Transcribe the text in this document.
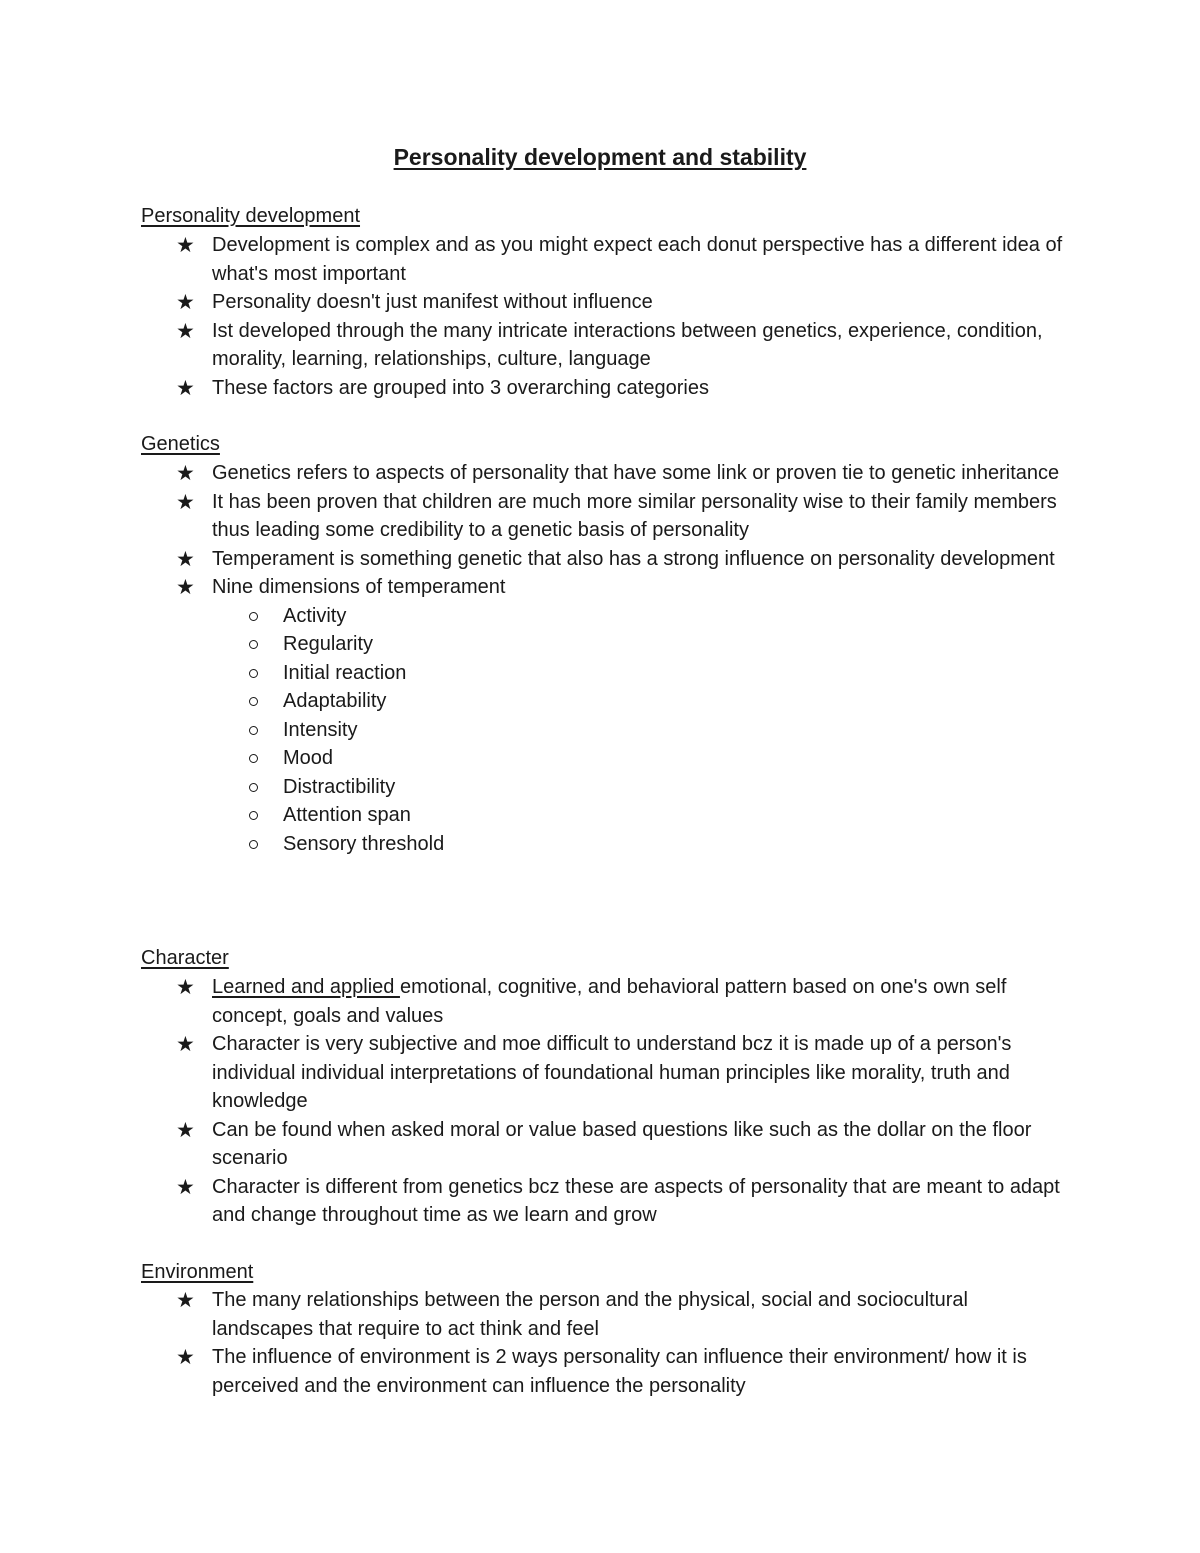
Personality development and stability
Personality development
★ Development is complex and as you might expect each donut perspective has a different idea of what's most important
★ Personality doesn't just manifest without influence
★ Ist developed through the many intricate interactions between genetics, experience, condition, morality, learning, relationships, culture, language
★ These factors are grouped into 3 overarching categories
Genetics
★ Genetics refers to aspects of personality that have some link or proven tie to genetic inheritance
★ It has been proven that children are much more similar personality wise to their family members thus leading some credibility to a genetic basis of personality
★ Temperament is something genetic that also has a strong influence on personality development
★ Nine dimensions of temperament
Activity
Regularity
Initial reaction
Adaptability
Intensity
Mood
Distractibility
Attention span
Sensory threshold
Character
★ Learned and applied emotional, cognitive, and behavioral pattern based on one's own self concept, goals and values
★ Character is very subjective and moe difficult to understand bcz it is made up of a person's individual individual interpretations of foundational human principles like morality, truth and knowledge
★ Can be found when asked moral or value based questions like such as the dollar on the floor scenario
★ Character is different from genetics bcz these are aspects of personality that are meant to adapt and change throughout time as we learn and grow
Environment
★ The many relationships between the person and the physical, social and sociocultural landscapes that require to act think and feel
★ The influence of environment is 2 ways personality can influence their environment/ how it is perceived and the environment can influence the personality
